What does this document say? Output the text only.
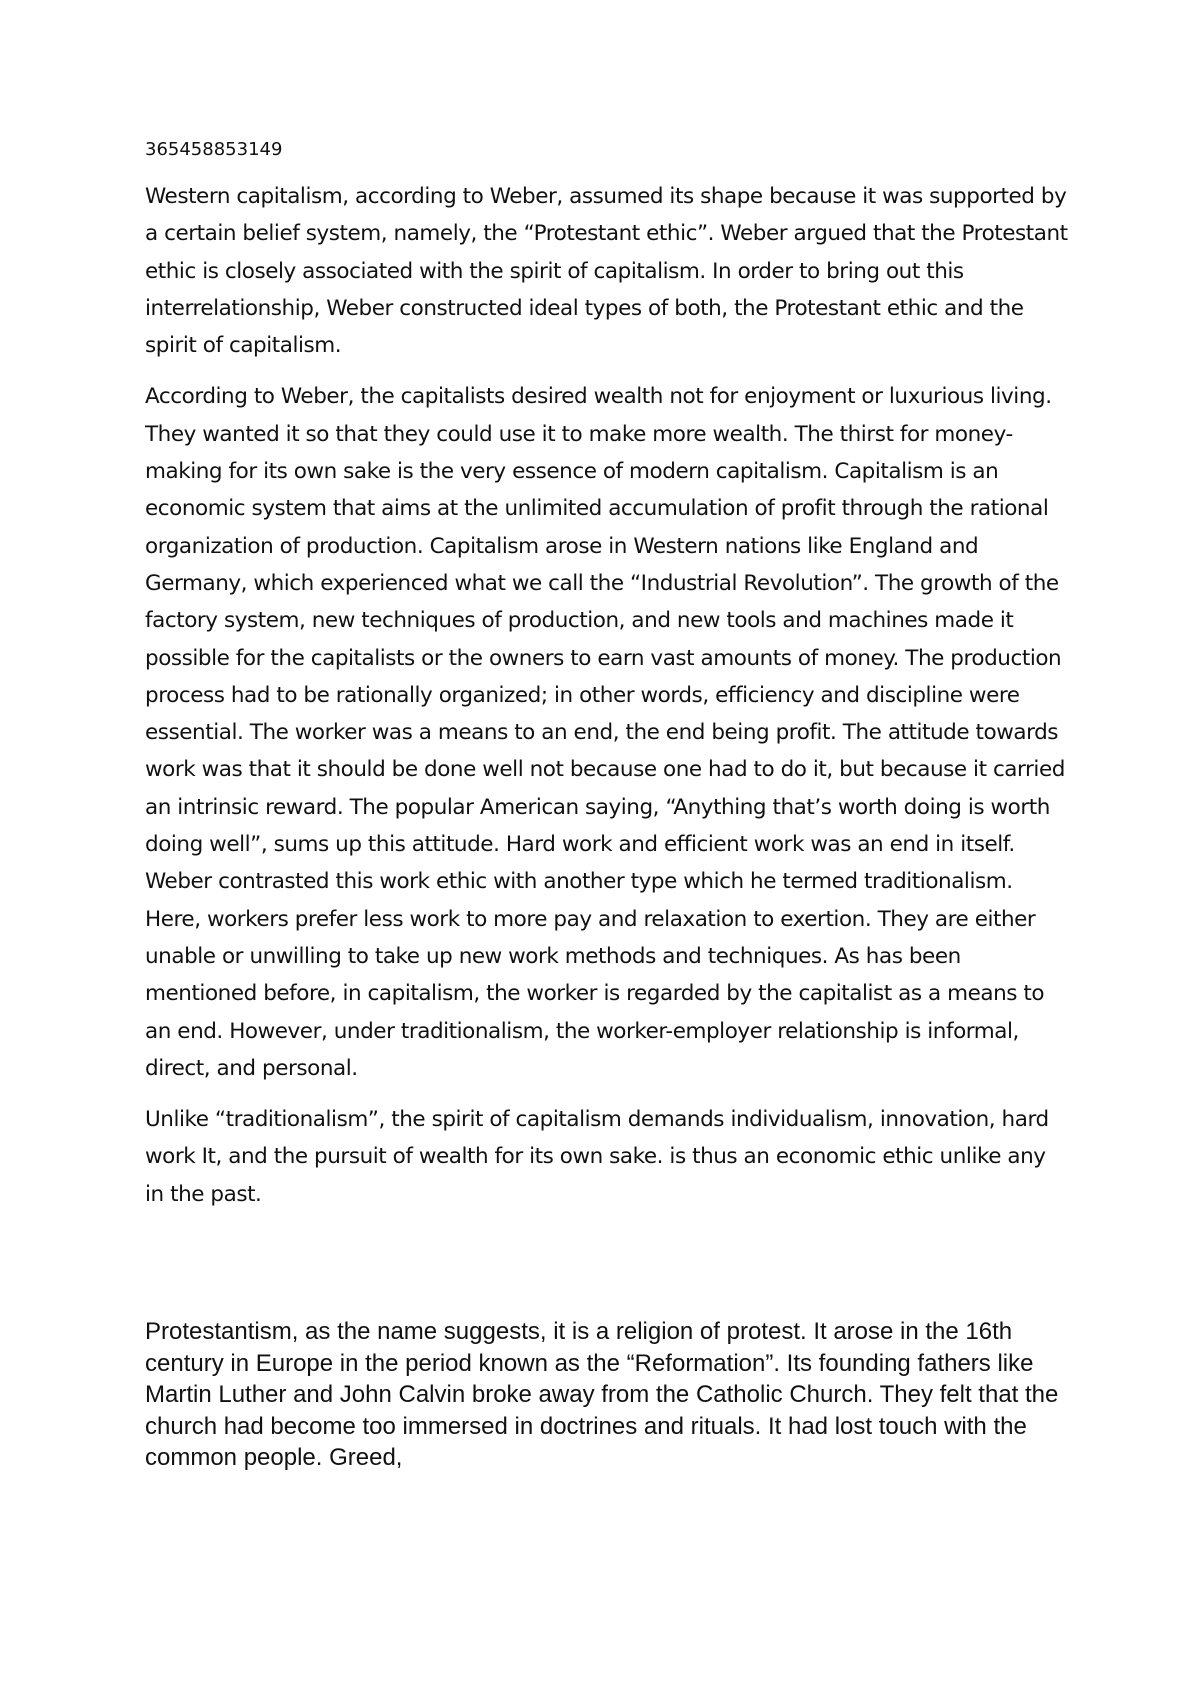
365458853149

Western capitalism, according to Weber, assumed its shape because it was supported by a certain belief system, namely, the “Protestant ethic”. Weber argued that the Protestant ethic is closely associated with the spirit of capitalism. In order to bring out this interrelationship, Weber constructed ideal types of both, the Protestant ethic and the spirit of capitalism.

According to Weber, the capitalists desired wealth not for enjoyment or luxurious living. They wanted it so that they could use it to make more wealth. The thirst for money-making for its own sake is the very essence of modern capitalism. Capitalism is an economic system that aims at the unlimited accumulation of profit through the rational organization of production. Capitalism arose in Western nations like England and Germany, which experienced what we call the “Industrial Revolution”. The growth of the factory system, new techniques of production, and new tools and machines made it possible for the capitalists or the owners to earn vast amounts of money. The production process had to be rationally organized; in other words, efficiency and discipline were essential. The worker was a means to an end, the end being profit. The attitude towards work was that it should be done well not because one had to do it, but because it carried an intrinsic reward. The popular American saying, “Anything that’s worth doing is worth doing well”, sums up this attitude. Hard work and efficient work was an end in itself. Weber contrasted this work ethic with another type which he termed traditionalism. Here, workers prefer less work to more pay and relaxation to exertion. They are either unable or unwilling to take up new work methods and techniques. As has been mentioned before, in capitalism, the worker is regarded by the capitalist as a means to an end. However, under traditionalism, the worker-employer relationship is informal, direct, and personal.

Unlike “traditionalism”, the spirit of capitalism demands individualism, innovation, hard work It, and the pursuit of wealth for its own sake. is thus an economic ethic unlike any in the past.

Protestantism, as the name suggests, it is a religion of protest. It arose in the 16th century in Europe in the period known as the “Reformation”. Its founding fathers like Martin Luther and John Calvin broke away from the Catholic Church. They felt that the church had become too immersed in doctrines and rituals. It had lost touch with the common people. Greed,
